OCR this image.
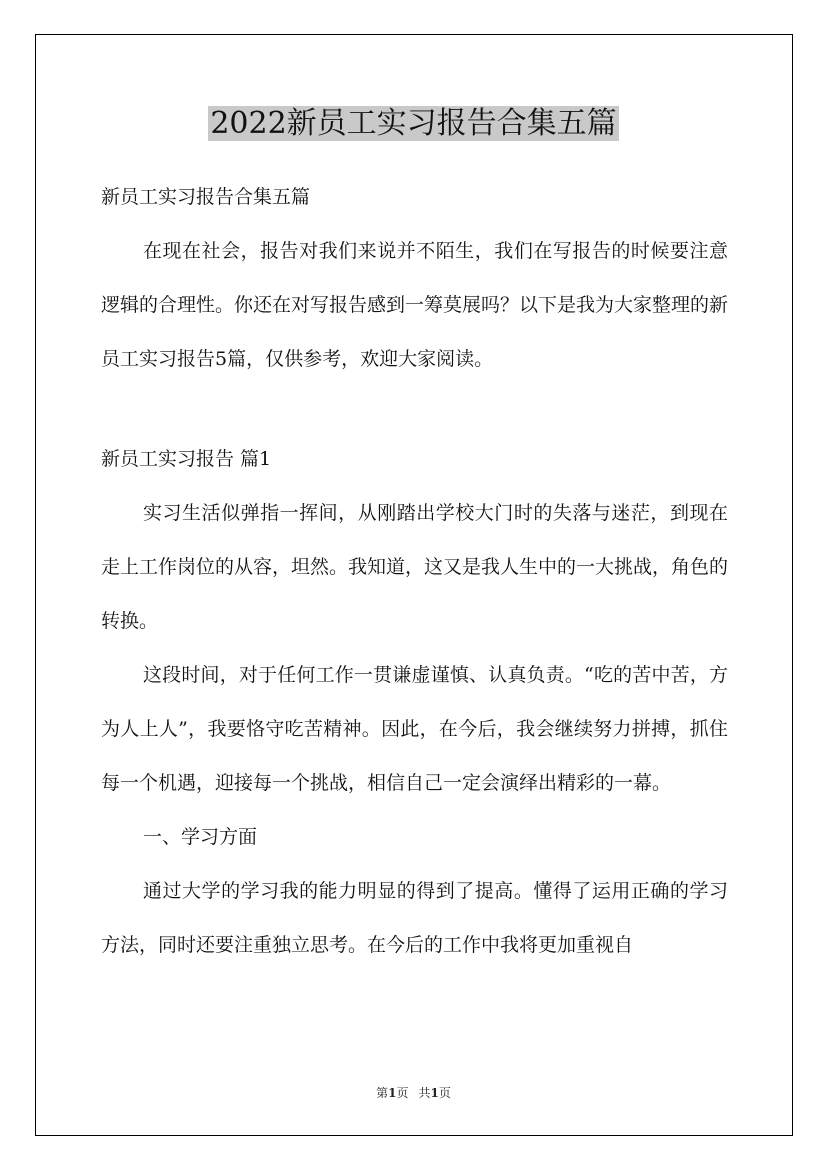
2022新员工实习报告合集五篇

新员工实习报告合集五篇

在现在社会，报告对我们来说并不陌生，我们在写报告的时候要注意逻辑的合理性。你还在对写报告感到一筹莫展吗？以下是我为大家整理的新员工实习报告5篇，仅供参考，欢迎大家阅读。

新员工实习报告 篇1

实习生活似弹指一挥间，从刚踏出学校大门时的失落与迷茫，到现在走上工作岗位的从容，坦然。我知道，这又是我人生中的一大挑战，角色的转换。

这段时间，对于任何工作一贯谦虚谨慎、认真负责。“吃的苦中苦，方为人上人”，我要恪守吃苦精神。因此，在今后，我会继续努力拼搏，抓住每一个机遇，迎接每一个挑战，相信自己一定会演绎出精彩的一幕。

一、学习方面

通过大学的学习我的能力明显的得到了提高。懂得了运用正确的学习方法，同时还要注重独立思考。在今后的工作中我将更加重视自

第1页 共1页
